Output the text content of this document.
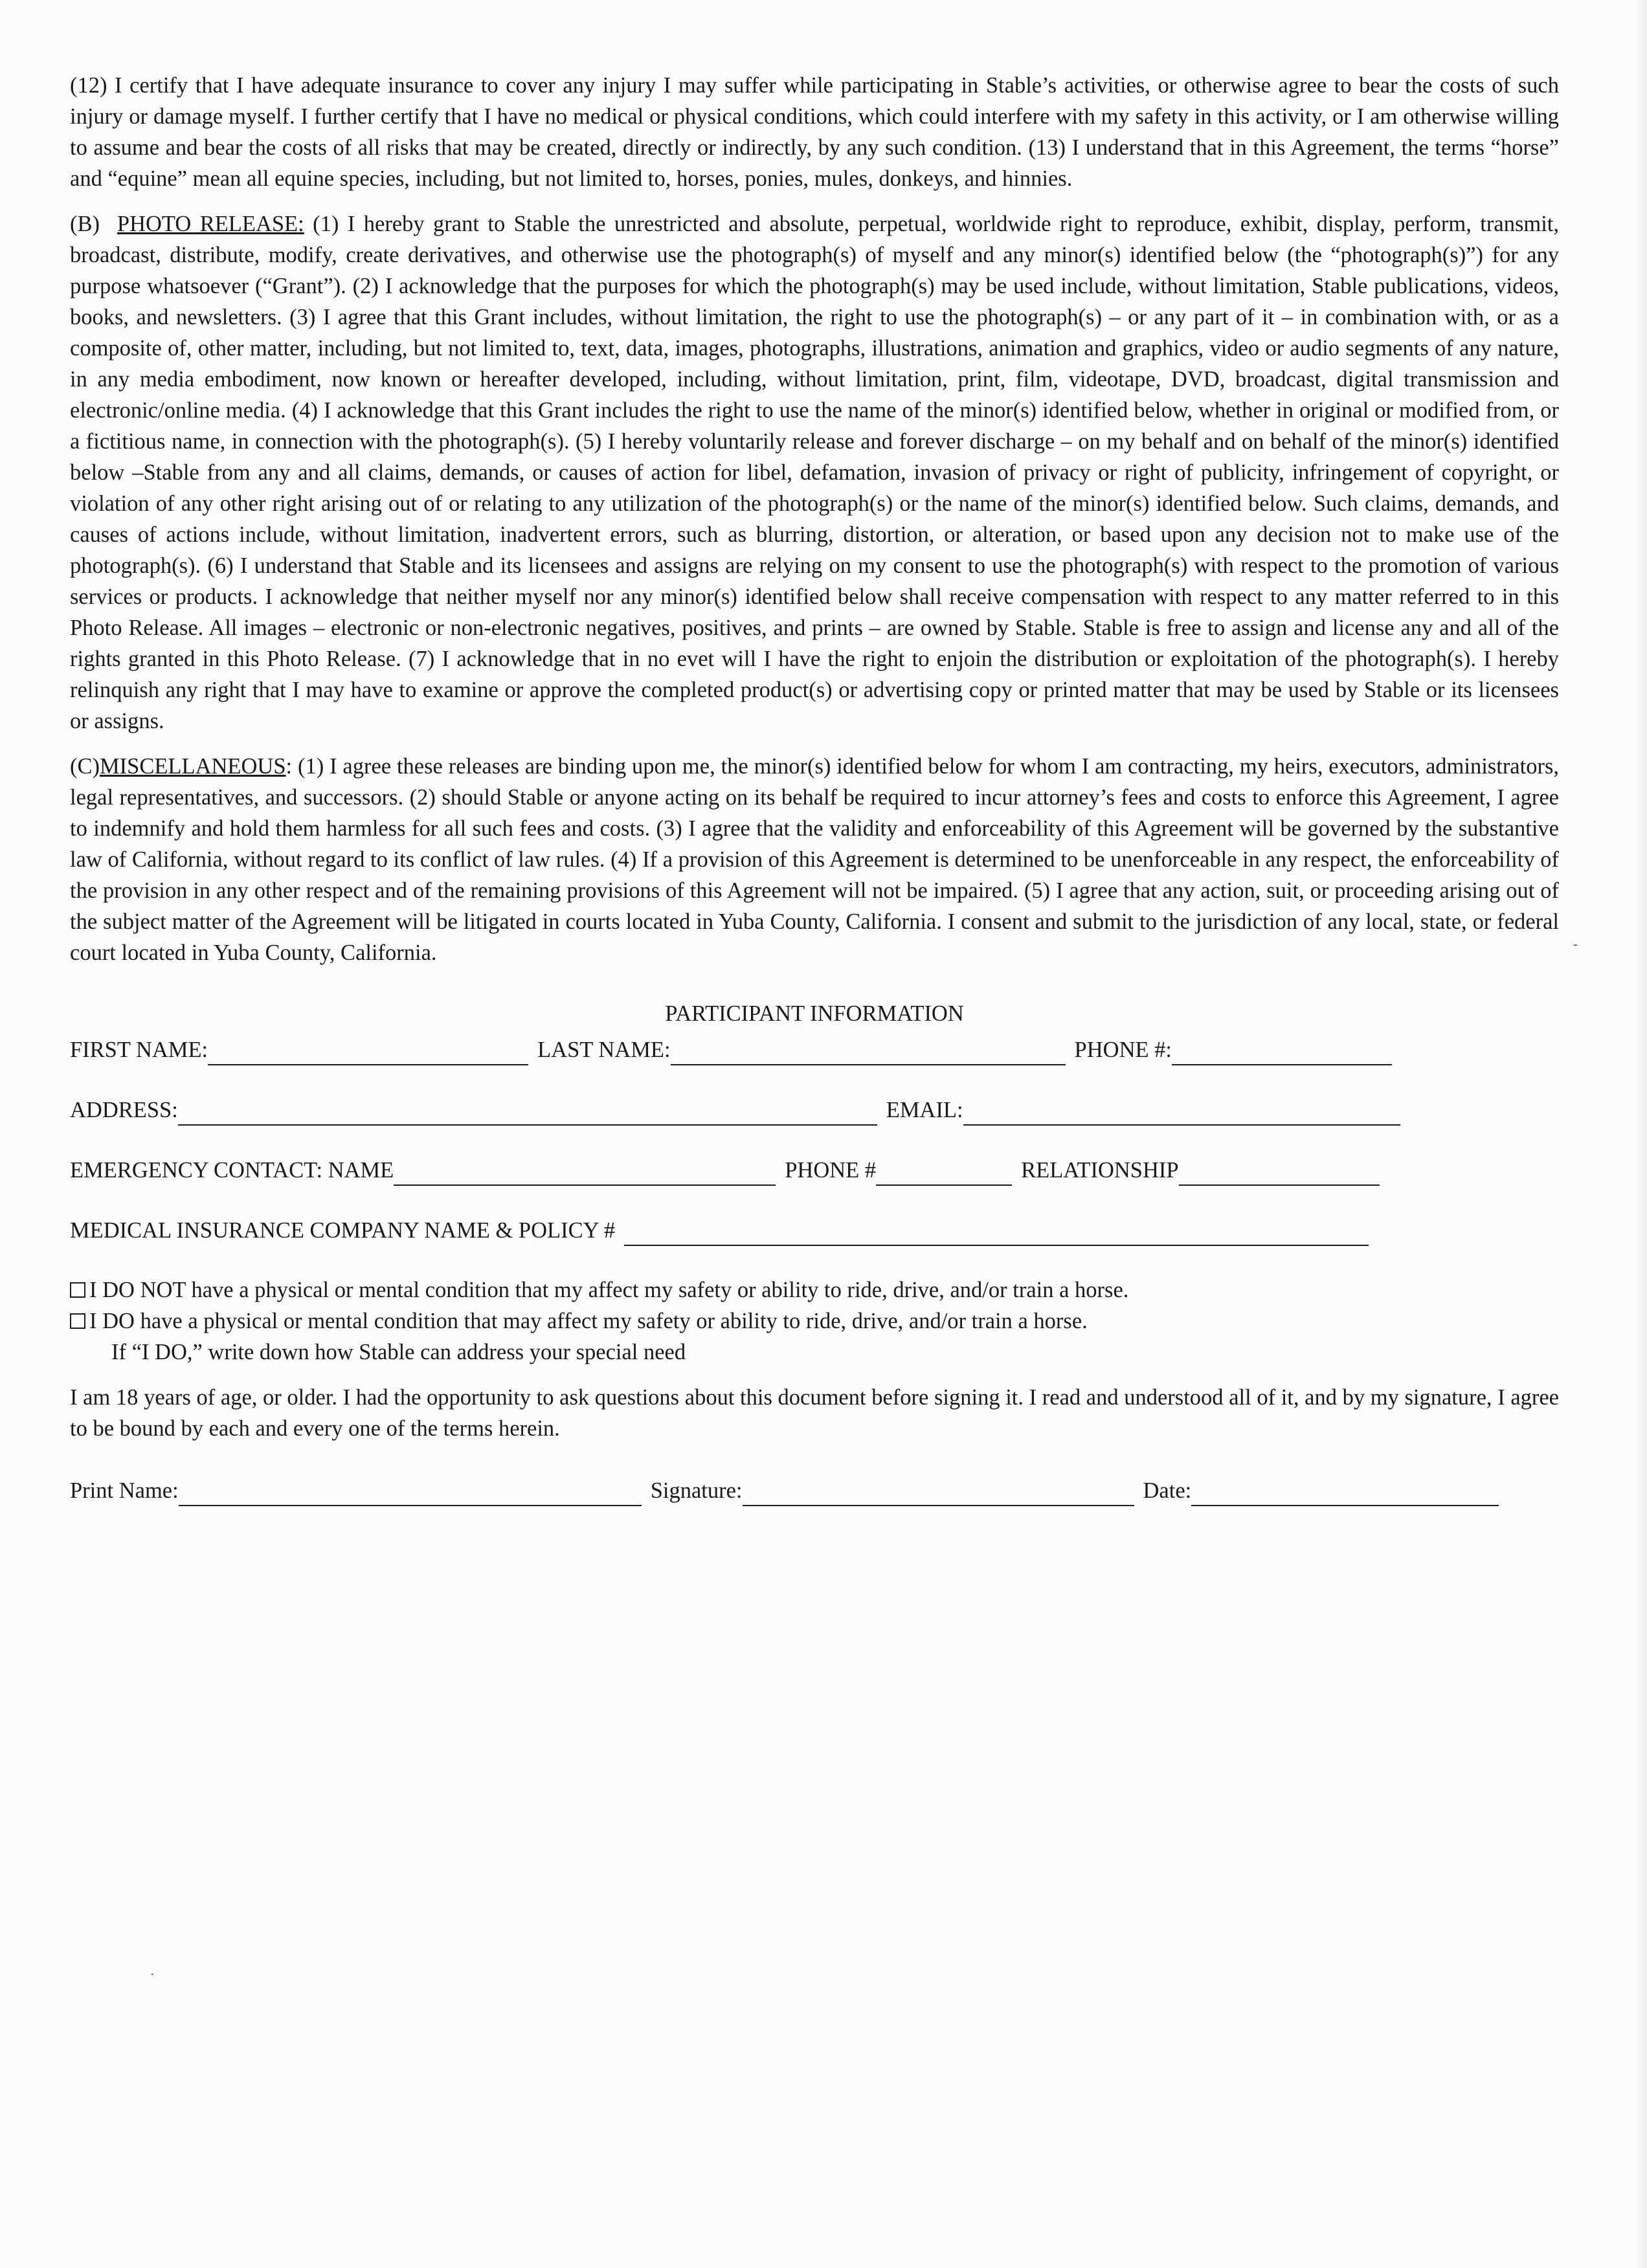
(12) I certify that I have adequate insurance to cover any injury I may suffer while participating in Stable’s activities, or otherwise agree to bear the costs of such injury or damage myself. I further certify that I have no medical or physical conditions, which could interfere with my safety in this activity, or I am otherwise willing to assume and bear the costs of all risks that may be created, directly or indirectly, by any such condition. (13) I understand that in this Agreement, the terms “horse” and “equine” mean all equine species, including, but not limited to, horses, ponies, mules, donkeys, and hinnies.

(B) PHOTO RELEASE: (1) I hereby grant to Stable the unrestricted and absolute, perpetual, worldwide right to reproduce, exhibit, display, perform, transmit, broadcast, distribute, modify, create derivatives, and otherwise use the photograph(s) of myself and any minor(s) identified below (the “photograph(s)”) for any purpose whatsoever (“Grant”). (2) I acknowledge that the purposes for which the photograph(s) may be used include, without limitation, Stable publications, videos, books, and newsletters. (3) I agree that this Grant includes, without limitation, the right to use the photograph(s) – or any part of it – in combination with, or as a composite of, other matter, including, but not limited to, text, data, images, photographs, illustrations, animation and graphics, video or audio segments of any nature, in any media embodiment, now known or hereafter developed, including, without limitation, print, film, videotape, DVD, broadcast, digital transmission and electronic/online media. (4) I acknowledge that this Grant includes the right to use the name of the minor(s) identified below, whether in original or modified from, or a fictitious name, in connection with the photograph(s). (5) I hereby voluntarily release and forever discharge – on my behalf and on behalf of the minor(s) identified below –Stable from any and all claims, demands, or causes of action for libel, defamation, invasion of privacy or right of publicity, infringement of copyright, or violation of any other right arising out of or relating to any utilization of the photograph(s) or the name of the minor(s) identified below. Such claims, demands, and causes of actions include, without limitation, inadvertent errors, such as blurring, distortion, or alteration, or based upon any decision not to make use of the photograph(s). (6) I understand that Stable and its licensees and assigns are relying on my consent to use the photograph(s) with respect to the promotion of various services or products. I acknowledge that neither myself nor any minor(s) identified below shall receive compensation with respect to any matter referred to in this Photo Release. All images – electronic or non-electronic negatives, positives, and prints – are owned by Stable. Stable is free to assign and license any and all of the rights granted in this Photo Release. (7) I acknowledge that in no evet will I have the right to enjoin the distribution or exploitation of the photograph(s). I hereby relinquish any right that I may have to examine or approve the completed product(s) or advertising copy or printed matter that may be used by Stable or its licensees or assigns.

(C)MISCELLANEOUS: (1) I agree these releases are binding upon me, the minor(s) identified below for whom I am contracting, my heirs, executors, administrators, legal representatives, and successors. (2) should Stable or anyone acting on its behalf be required to incur attorney’s fees and costs to enforce this Agreement, I agree to indemnify and hold them harmless for all such fees and costs. (3) I agree that the validity and enforceability of this Agreement will be governed by the substantive law of California, without regard to its conflict of law rules. (4) If a provision of this Agreement is determined to be unenforceable in any respect, the enforceability of the provision in any other respect and of the remaining provisions of this Agreement will not be impaired. (5) I agree that any action, suit, or proceeding arising out of the subject matter of the Agreement will be litigated in courts located in Yuba County, California. I consent and submit to the jurisdiction of any local, state, or federal court located in Yuba County, California.

PARTICIPANT INFORMATION
FIRST NAME:	LAST NAME:	PHONE #:
ADDRESS:	EMAIL:
EMERGENCY CONTACT: NAME	PHONE #	RELATIONSHIP
MEDICAL INSURANCE COMPANY NAME & POLICY #
I DO NOT have a physical or mental condition that my affect my safety or ability to ride, drive, and/or train a horse.
I DO have a physical or mental condition that may affect my safety or ability to ride, drive, and/or train a horse.
If “I DO,” write down how Stable can address your special need

I am 18 years of age, or older. I had the opportunity to ask questions about this document before signing it. I read and understood all of it, and by my signature, I agree to be bound by each and every one of the terms herein.

Print Name:	Signature:	Date:
·
-
